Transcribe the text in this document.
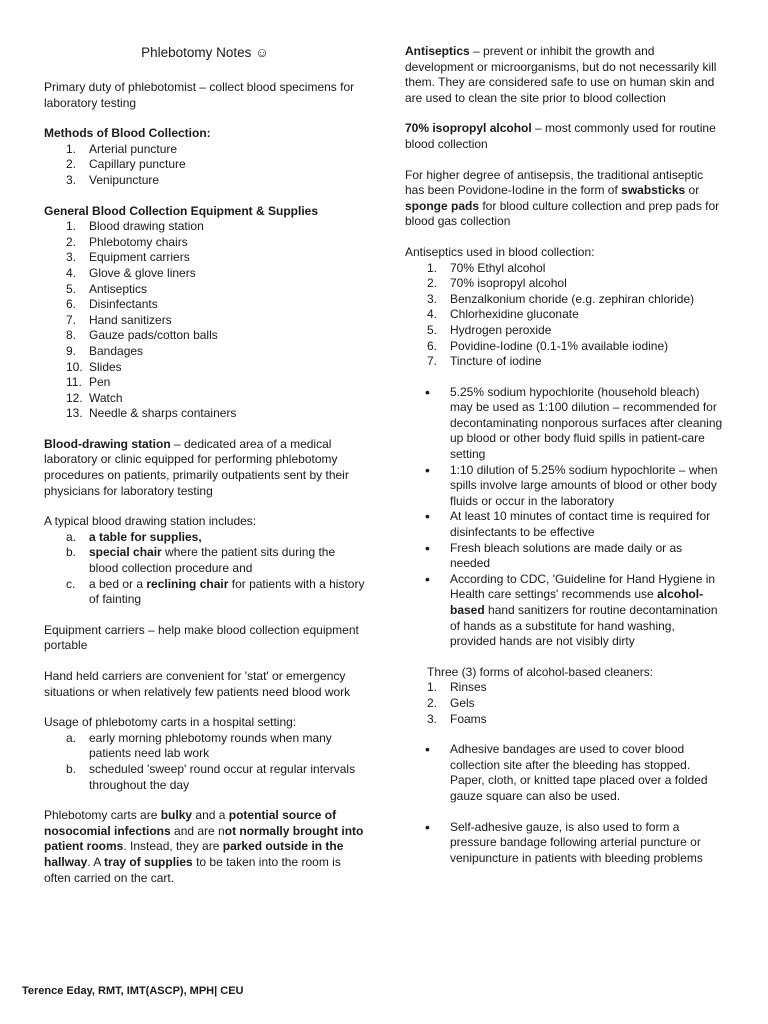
Phlebotomy Notes ☺

Primary duty of phlebotomist – collect blood specimens for laboratory testing

Methods of Blood Collection:

1. Arterial puncture
2. Capillary puncture
3. Venipuncture

General Blood Collection Equipment & Supplies

1. Blood drawing station
2. Phlebotomy chairs
3. Equipment carriers
4. Glove & glove liners
5. Antiseptics
6. Disinfectants
7. Hand sanitizers
8. Gauze pads/cotton balls
9. Bandages
10. Slides
11. Pen
12. Watch
13. Needle & sharps containers

Blood-drawing station – dedicated area of a medical laboratory or clinic equipped for performing phlebotomy procedures on patients, primarily outpatients sent by their physicians for laboratory testing

A typical blood drawing station includes:

a. a table for supplies,
b. special chair where the patient sits during the blood collection procedure and
c. a bed or a reclining chair for patients with a history of fainting

Equipment carriers – help make blood collection equipment portable

Hand held carriers are convenient for 'stat' or emergency situations or when relatively few patients need blood work

Usage of phlebotomy carts in a hospital setting:

a. early morning phlebotomy rounds when many patients need lab work
b. scheduled 'sweep' round occur at regular intervals throughout the day

Phlebotomy carts are bulky and a potential source of nosocomial infections and are not normally brought into patient rooms. Instead, they are parked outside in the hallway. A tray of supplies to be taken into the room is often carried on the cart.

Antiseptics – prevent or inhibit the growth and development or microorganisms, but do not necessarily kill them. They are considered safe to use on human skin and are used to clean the site prior to blood collection

70% isopropyl alcohol – most commonly used for routine blood collection

For higher degree of antisepsis, the traditional antiseptic has been Povidone-Iodine in the form of swabsticks or sponge pads for blood culture collection and prep pads for blood gas collection

Antiseptics used in blood collection:

1. 70% Ethyl alcohol
2. 70% isopropyl alcohol
3. Benzalkonium choride (e.g. zephiran chloride)
4. Chlorhexidine gluconate
5. Hydrogen peroxide
6. Povidine-Iodine (0.1-1% available iodine)
7. Tincture of iodine
• 5.25% sodium hypochlorite (household bleach) may be used as 1:100 dilution – recommended for decontaminating nonporous surfaces after cleaning up blood or other body fluid spills in patient-care setting
• 1:10 dilution of 5.25% sodium hypochlorite – when spills involve large amounts of blood or other body fluids or occur in the laboratory
• At least 10 minutes of contact time is required for disinfectants to be effective
• Fresh bleach solutions are made daily or as needed
• According to CDC, 'Guideline for Hand Hygiene in Health care settings' recommends use alcohol-based hand sanitizers for routine decontamination of hands as a substitute for hand washing, provided hands are not visibly dirty

Three (3) forms of alcohol-based cleaners:

1. Rinses
2. Gels
3. Foams
• Adhesive bandages are used to cover blood collection site after the bleeding has stopped. Paper, cloth, or knitted tape placed over a folded gauze square can also be used.
• Self-adhesive gauze, is also used to form a pressure bandage following arterial puncture or venipuncture in patients with bleeding problems
Terence Eday, RMT, IMT(ASCP), MPH| CEU
